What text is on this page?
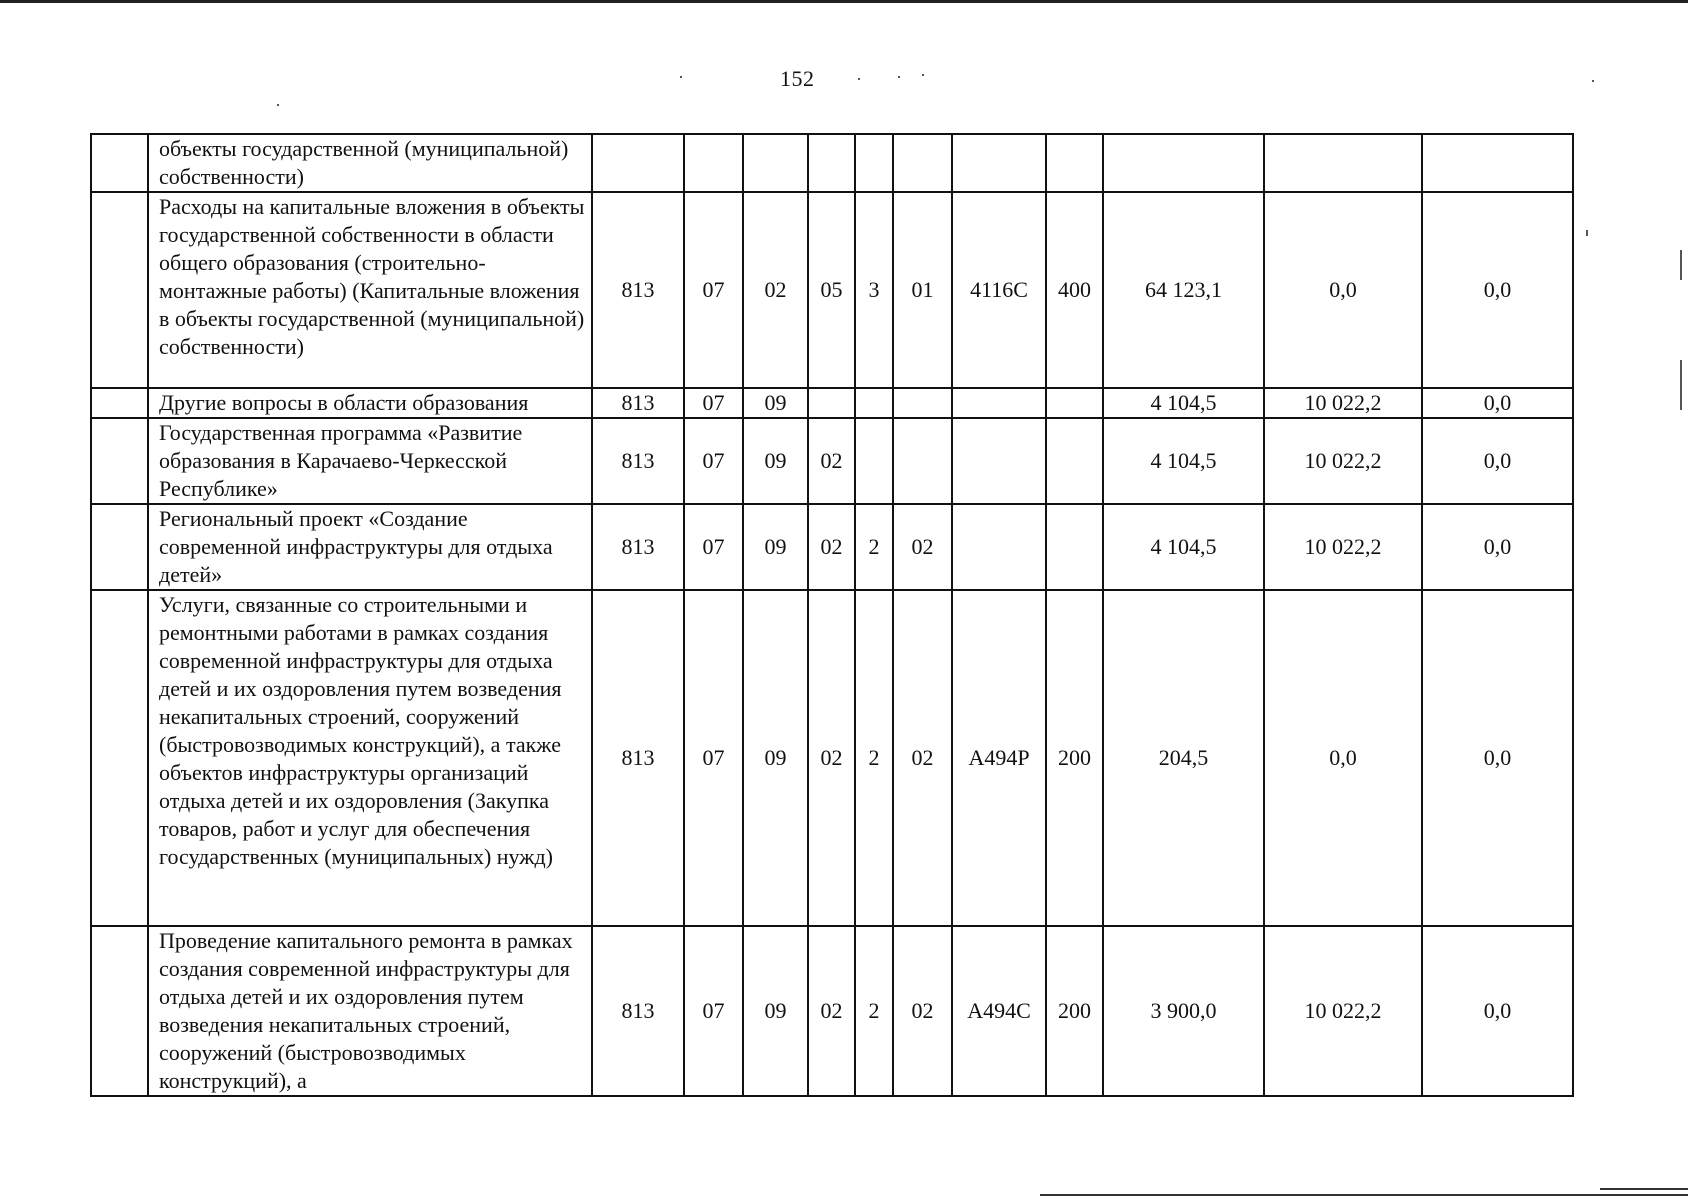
152
	объекты государственной (муниципальной) собственности)											
	Расходы на капитальные вложения в объекты государственной собственности в области общего образования (строительно-монтажные работы) (Капитальные вложения в объекты государственной (муниципальной) собственности)	813	07	02	05	3	01	4116С	400	64 123,1	0,0	0,0
	Другие вопросы в области образования	813	07	09						4 104,5	10 022,2	0,0
	Государственная программа «Развитие образования в Карачаево-Черкесской Республике»	813	07	09	02					4 104,5	10 022,2	0,0
	Региональный проект «Создание современной инфраструктуры для отдыха детей»	813	07	09	02	2	02			4 104,5	10 022,2	0,0
	Услуги, связанные со строительными и ремонтными работами в рамках создания современной инфраструктуры для отдыха детей и их оздоровления путем возведения некапитальных строений, сооружений (быстровозводимых конструкций), а также объектов инфраструктуры организаций отдыха детей и их оздоровления (Закупка товаров, работ и услуг для обеспечения государственных (муниципальных) нужд)	813	07	09	02	2	02	А494Р	200	204,5	0,0	0,0
	Проведение капитального ремонта в рамках создания современной инфраструктуры для отдыха детей и их оздоровления путем возведения некапитальных строений, сооружений (быстровозводимых конструкций), а	813	07	09	02	2	02	А494С	200	3 900,0	10 022,2	0,0
